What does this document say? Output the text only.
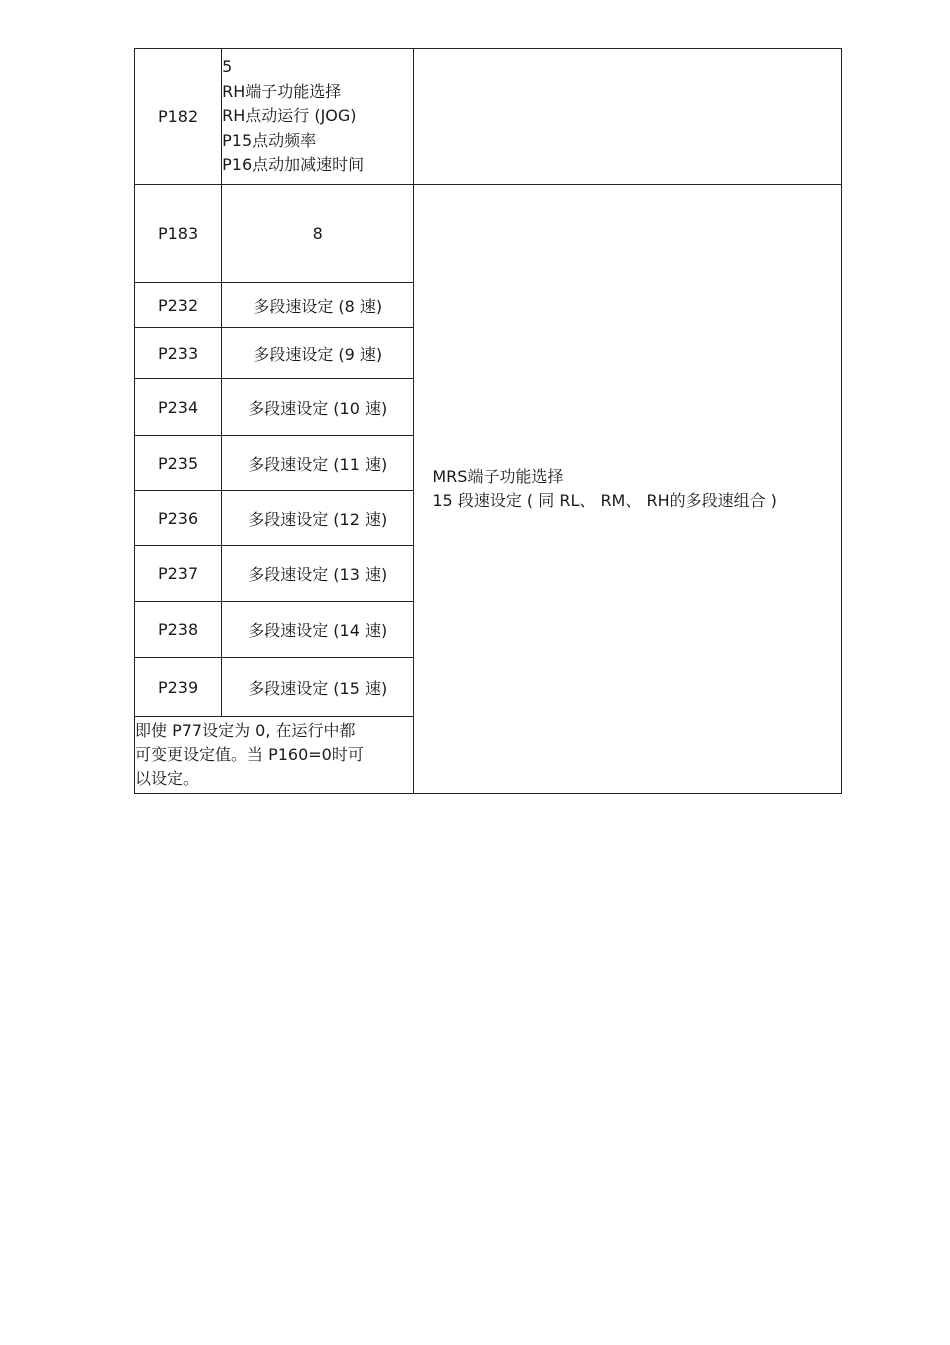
P182	5
RH端子功能选择
RH点动运行 (JOG)
P15点动频率
P16点动加减速时间	

P183	8	MRS端子功能选择
15 段速设定 ( 同 RL、 RM、 RH的多段速组合 )

P232	多段速设定 (8 速)	
P233	多段速设定 (9 速)	
P234	多段速设定 (10 速)	
P235	多段速设定 (11 速)	
P236	多段速设定 (12 速)	
P237	多段速设定 (13 速)	
P238	多段速设定 (14 速)	
P239	多段速设定 (15 速)	

即使 P77设定为 0, 在运行中都
可变更设定值。当 P160=0时可
以设定。		
